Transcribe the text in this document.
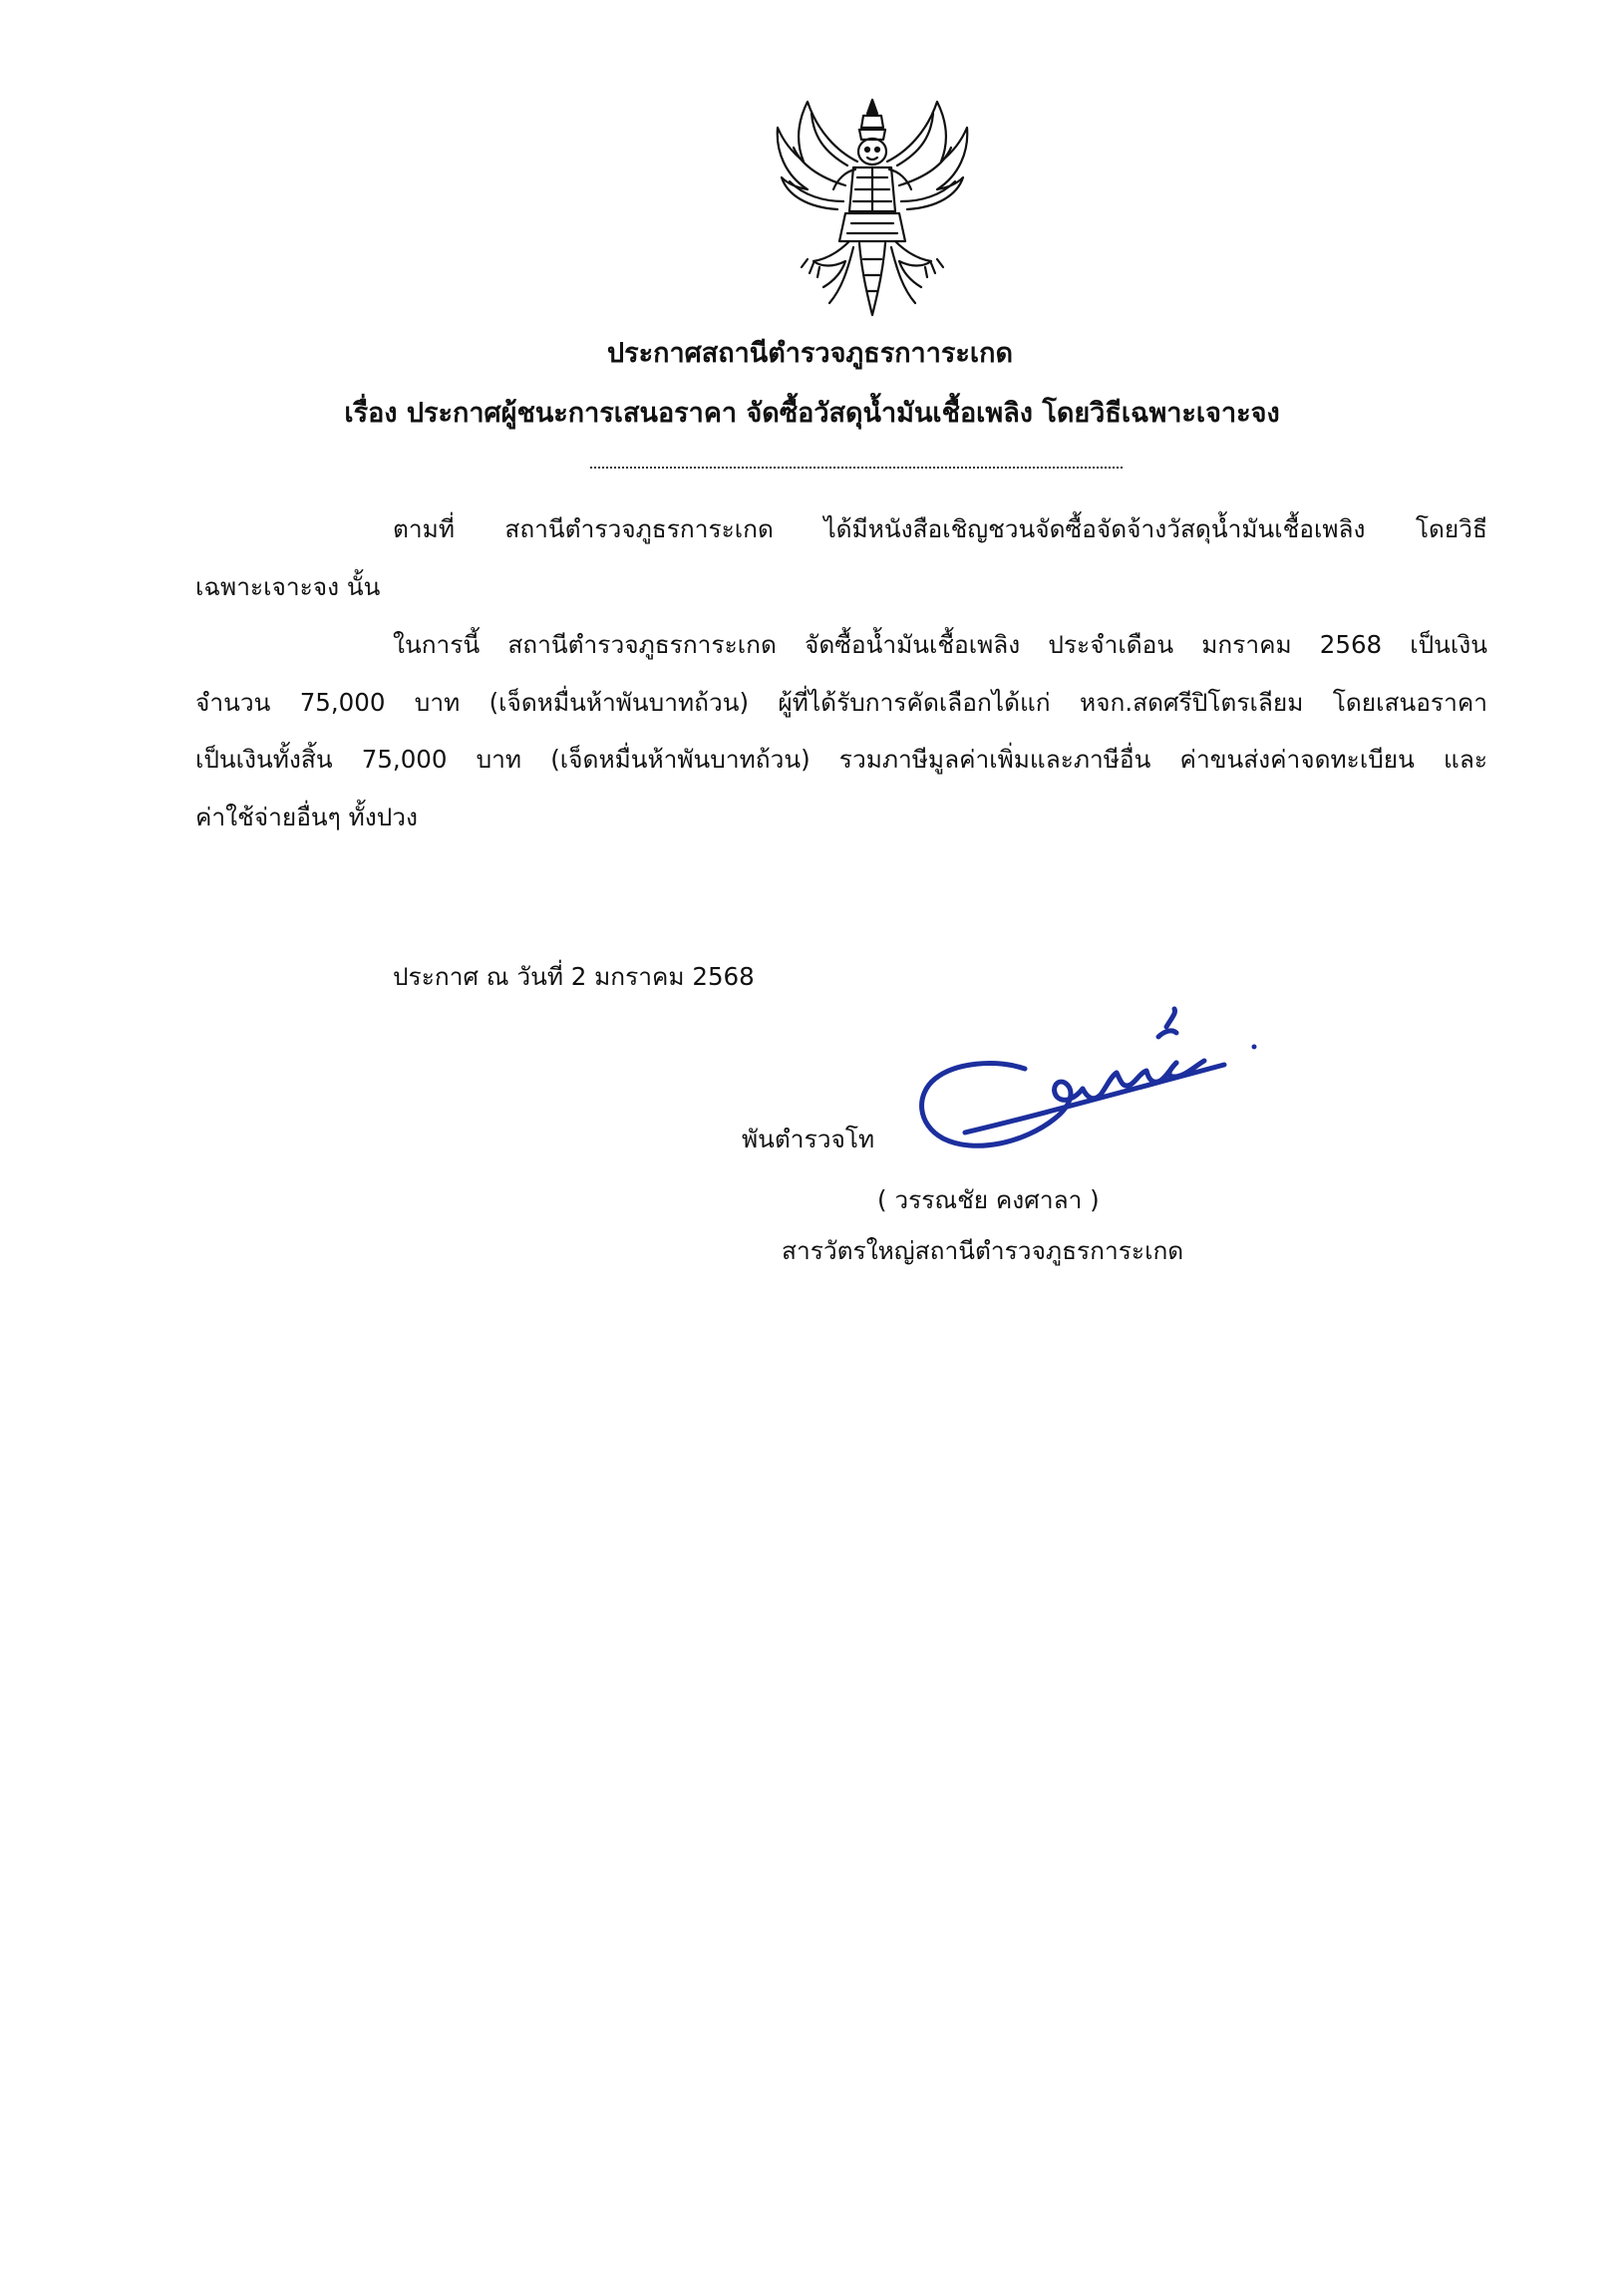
ประกาศสถานีตำรวจภูธรกาาระเกด
เรื่อง ประกาศผู้ชนะการเสนอราคา จัดซื้อวัสดุน้ำมันเชื้อเพลิง โดยวิธีเฉพาะเจาะจง
ตามที่ สถานีตำรวจภูธรการะเกด ได้มีหนังสือเชิญชวนจัดซื้อจัดจ้างวัสดุน้ำมันเชื้อเพลิง โดยวิธี
เฉพาะเจาะจง นั้น
ในการนี้ สถานีตำรวจภูธรการะเกด จัดซื้อน้ำมันเชื้อเพลิง ประจำเดือน มกราคม 2568 เป็นเงิน
จำนวน 75,000 บาท (เจ็ดหมื่นห้าพันบาทถ้วน) ผู้ที่ได้รับการคัดเลือกได้แก่ หจก.สดศรีปิโตรเลียม โดยเสนอราคา
เป็นเงินทั้งสิ้น 75,000 บาท (เจ็ดหมื่นห้าพันบาทถ้วน) รวมภาษีมูลค่าเพิ่มและภาษีอื่น ค่าขนส่งค่าจดทะเบียน และ
ค่าใช้จ่ายอื่นๆ ทั้งปวง
ประกาศ ณ วันที่ 2 มกราคม 2568
พันตำรวจโท
( วรรณชัย คงศาลา )
สารวัตรใหญ่สถานีตำรวจภูธรการะเกด
